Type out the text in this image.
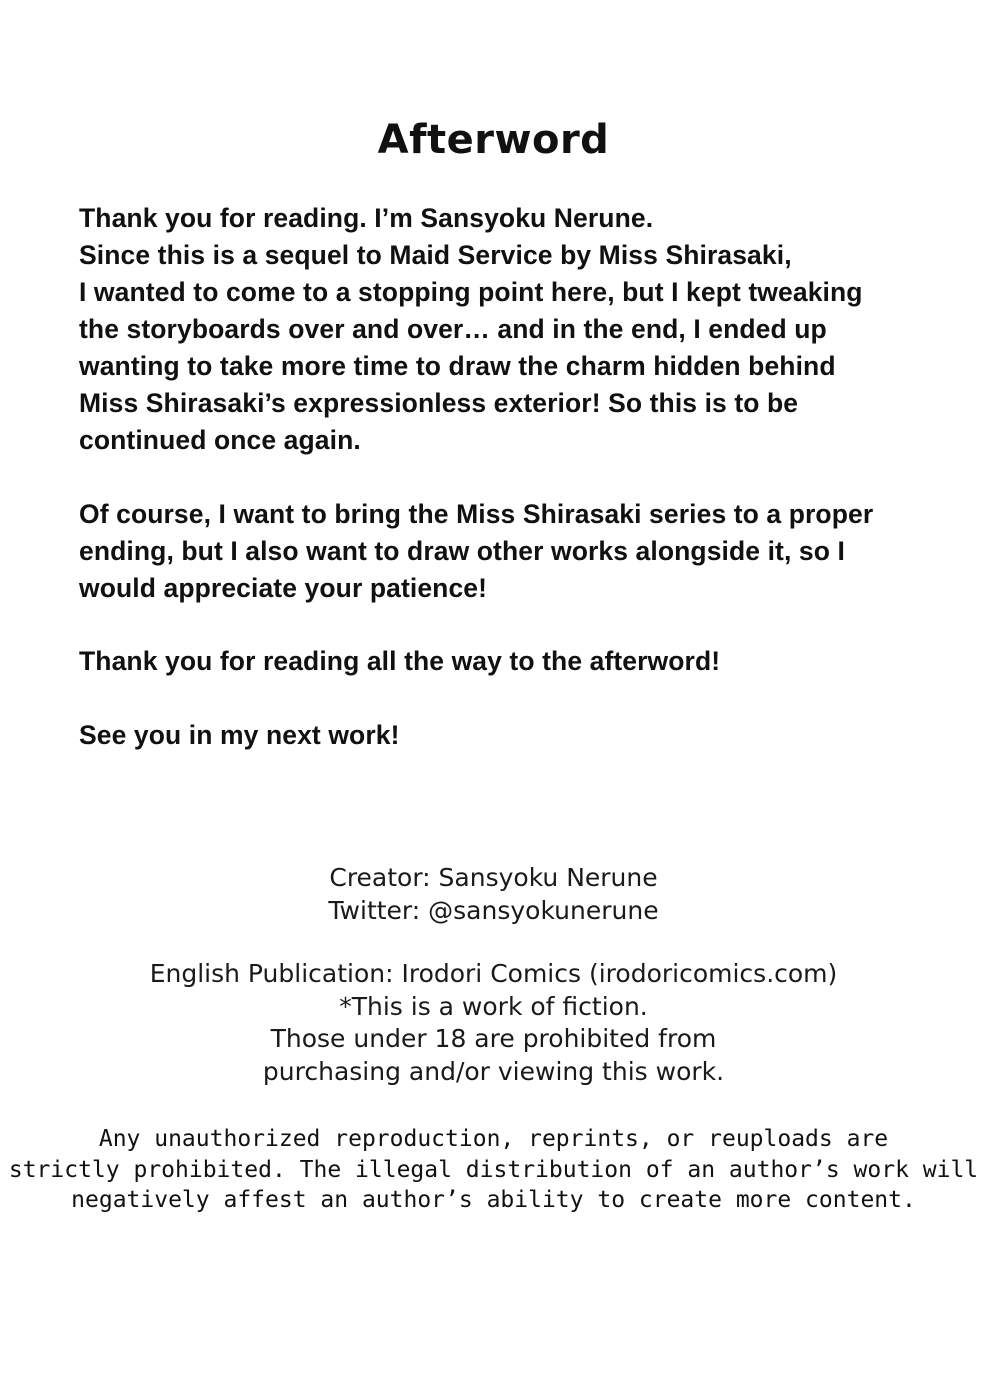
Afterword

Thank you for reading. I’m Sansyoku Nerune.
Since this is a sequel to Maid Service by Miss Shirasaki,
I wanted to come to a stopping point here, but I kept tweaking
the storyboards over and over… and in the end, I ended up
wanting to take more time to draw the charm hidden behind
Miss Shirasaki’s expressionless exterior! So this is to be
continued once again.

Of course, I want to bring the Miss Shirasaki series to a proper
ending, but I also want to draw other works alongside it, so I
would appreciate your patience!

Thank you for reading all the way to the afterword!

See you in my next work!

Creator: Sansyoku Nerune
Twitter: @sansyokunerune

English Publication: Irodori Comics (irodoricomics.com)
*This is a work of fiction.
Those under 18 are prohibited from
purchasing and/or viewing this work.

Any unauthorized reproduction, reprints, or reuploads are
strictly prohibited. The illegal distribution of an author’s work will
negatively affest an author’s ability to create more content.
